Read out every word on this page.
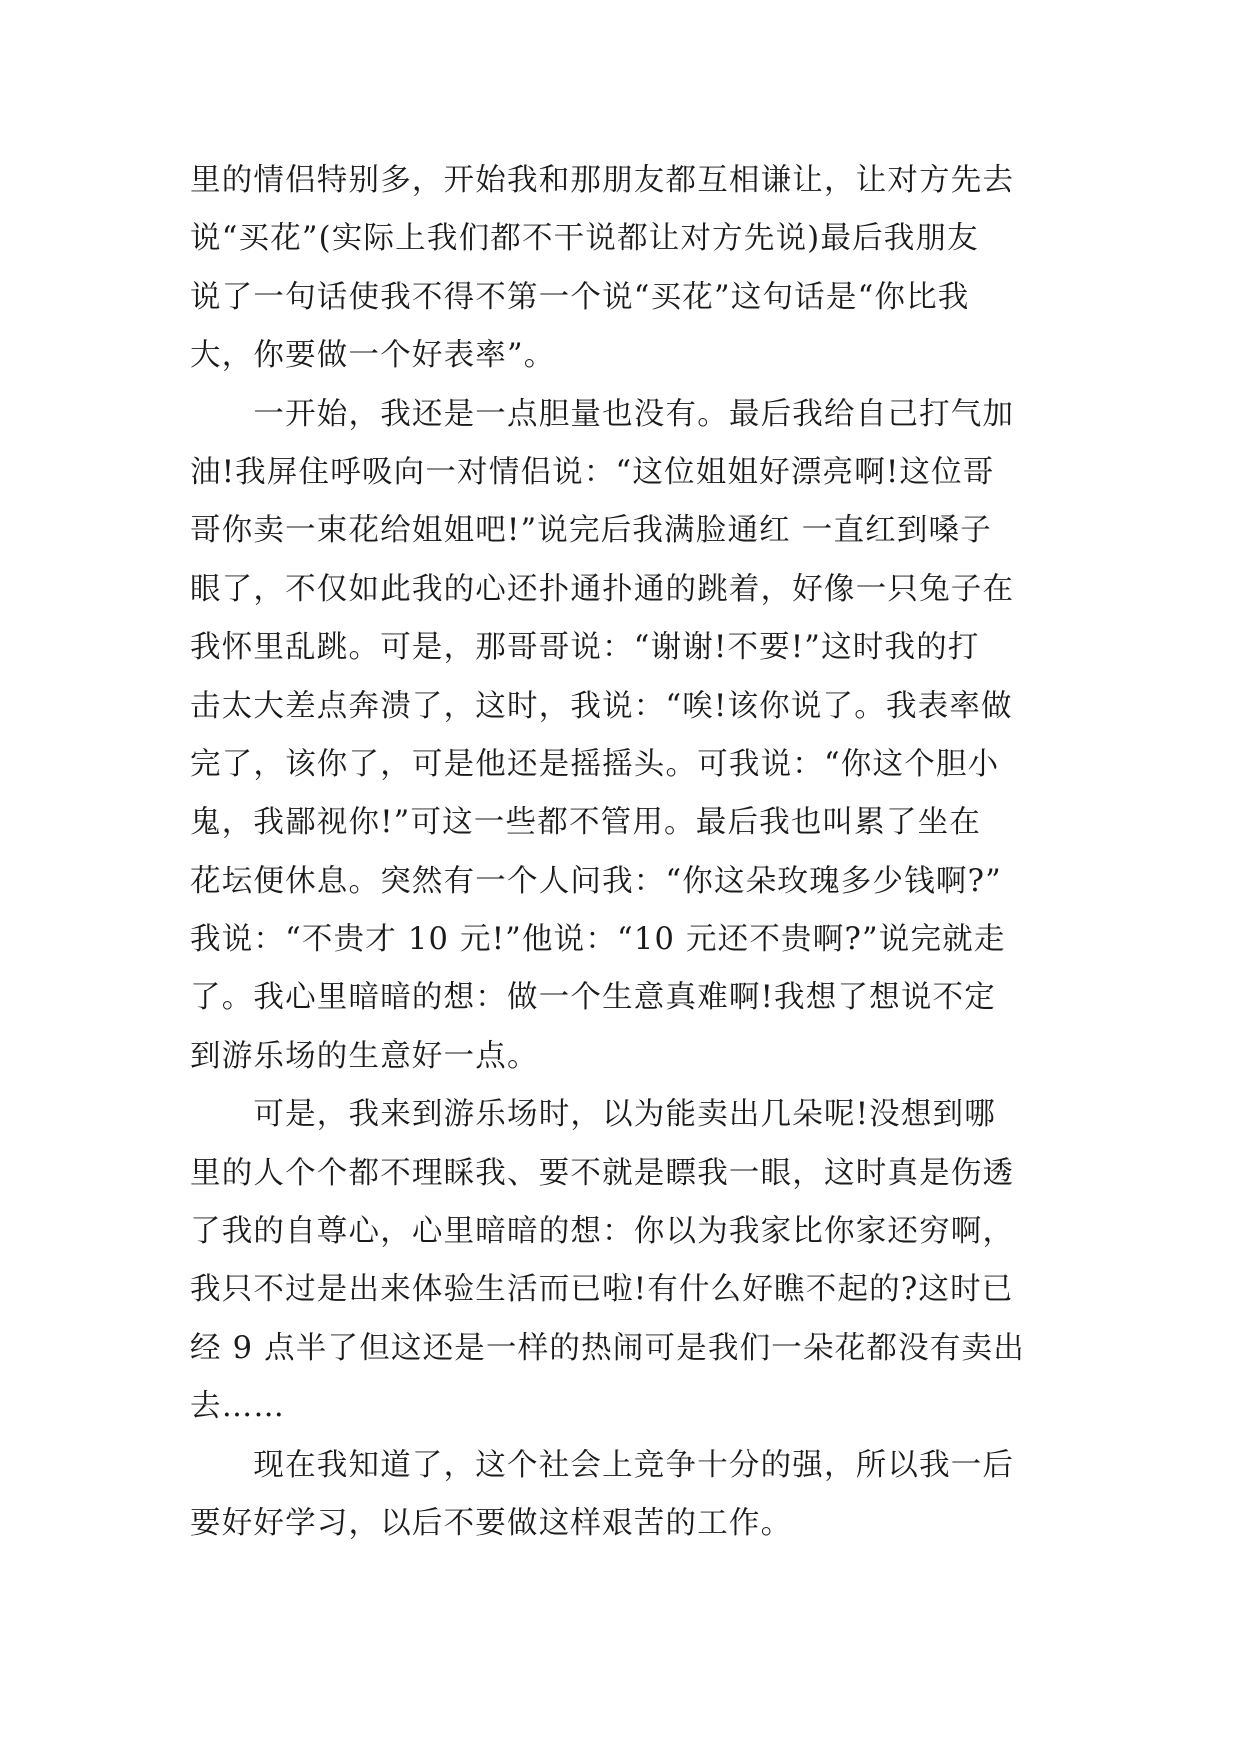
里的情侣特别多，开始我和那朋友都互相谦让，让对方先去
说“买花”(实际上我们都不干说都让对方先说)最后我朋友
说了一句话使我不得不第一个说“买花”这句话是“你比我
大，你要做一个好表率”。
　　一开始，我还是一点胆量也没有。最后我给自己打气加
油!我屏住呼吸向一对情侣说：“这位姐姐好漂亮啊!这位哥
哥你卖一束花给姐姐吧!”说完后我满脸通红 一直红到嗓子
眼了，不仅如此我的心还扑通扑通的跳着，好像一只兔子在
我怀里乱跳。可是，那哥哥说：“谢谢!不要!”这时我的打
击太大差点奔溃了，这时，我说：“唉!该你说了。我表率做
完了，该你了，可是他还是摇摇头。可我说：“你这个胆小
鬼，我鄙视你!”可这一些都不管用。最后我也叫累了坐在
花坛便休息。突然有一个人问我：“你这朵玫瑰多少钱啊?”
我说：“不贵才 10 元!”他说：“10 元还不贵啊?”说完就走
了。我心里暗暗的想：做一个生意真难啊!我想了想说不定
到游乐场的生意好一点。
　　可是，我来到游乐场时，以为能卖出几朵呢!没想到哪
里的人个个都不理睬我、要不就是瞟我一眼，这时真是伤透
了我的自尊心，心里暗暗的想：你以为我家比你家还穷啊，
我只不过是出来体验生活而已啦!有什么好瞧不起的?这时已
经 9 点半了但这还是一样的热闹可是我们一朵花都没有卖出
去……
　　现在我知道了，这个社会上竞争十分的强，所以我一后
要好好学习，以后不要做这样艰苦的工作。
